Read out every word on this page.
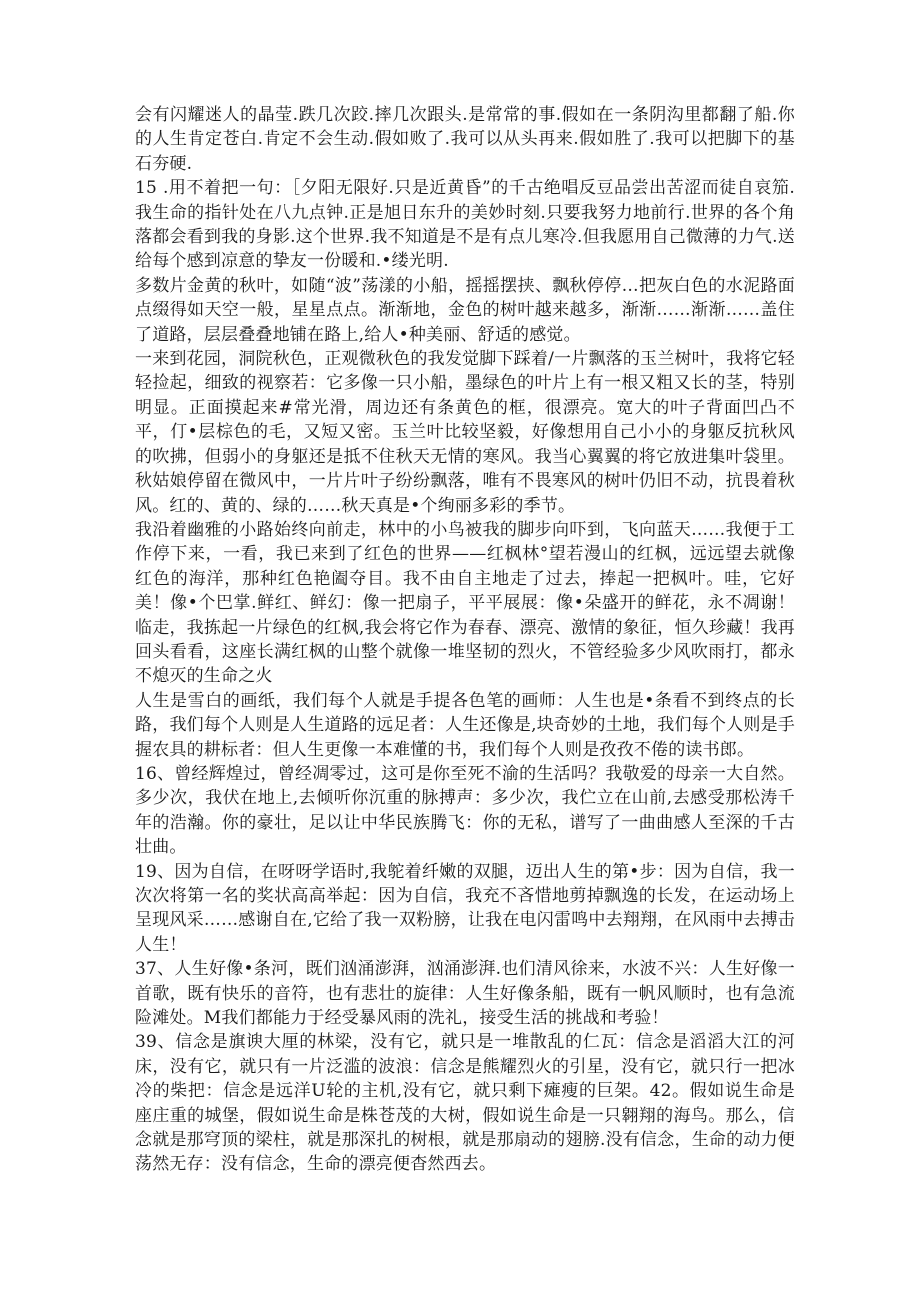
会有闪耀迷人的晶莹.跌几次跤.摔几次跟头.是常常的事.假如在一条阴沟里都翻了船.你的人生肯定苍白.肯定不会生动.假如败了.我可以从头再来.假如胜了.我可以把脚下的基石夯硬.

15 .用不着把一句：［夕阳无限好.只是近黄昏”的千古绝唱反豆品尝出苦涩而徒自哀笳.我生命的指针处在八九点钟.正是旭日东升的美妙时刻.只要我努力地前行.世界的各个角落都会看到我的身影.这个世界.我不知道是不是有点儿寒冷.但我愿用自己微薄的力气.送给每个感到凉意的挚友一份暖和.•缕光明.

多数片金黄的秋叶，如随“波”荡漾的小船，摇摇摆挟、飘秋停停…把灰白色的水泥路面点缀得如天空一般，星星点点。渐渐地，金色的树叶越来越多，渐渐……渐渐……盖住了道路，层层叠叠地铺在路上,给人•种美丽、舒适的感觉。

一来到花园，洞院秋色，正观微秋色的我发觉脚下踩着/一片飘落的玉兰树叶，我将它轻轻捡起，细致的视察若：它多像一只小船，墨绿色的叶片上有一根又粗又长的茎，特别明显。正面摸起来#常光滑，周边还有条黄色的框，很漂亮。宽大的叶子背面凹凸不平，仃•层棕色的毛，又短又密。玉兰叶比较坚毅，好像想用自己小小的身躯反抗秋风的吹拂，但弱小的身躯还是抵不住秋天无情的寒风。我当心翼翼的将它放进集叶袋里。秋姑娘停留在微风中，一片片叶子纷纷飘落，唯有不畏寒风的树叶仍旧不动，抗畏着秋风。红的、黄的、绿的……秋天真是•个绚丽多彩的季节。

我沿着幽雅的小路始终向前走，林中的小鸟被我的脚步向吓到，飞向蓝天……我便于工作停下来，一看，我已来到了红色的世界——红枫林°望若漫山的红枫，远远望去就像红色的海洋，那种红色艳阖夺目。我不由自主地走了过去，捧起一把枫叶。哇，它好美！像•个巴掌.鲜红、鲜幻：像一把扇子，平平展展：像•朵盛开的鲜花，永不凋谢！临走，我拣起一片绿色的红枫,我会将它作为春春、漂亮、激情的象征，恒久珍藏！我再回头看看，这座长满红枫的山整个就像一堆坚韧的烈火，不管经验多少风吹雨打，都永不熄灭的生命之火

人生是雪白的画纸，我们每个人就是手提各色笔的画师：人生也是•条看不到终点的长路，我们每个人则是人生道路的远足者：人生还像是,块奇妙的土地，我们每个人则是手握农具的耕标者：但人生更像一本难懂的书，我们每个人则是孜孜不倦的读书郎。

16、曾经辉煌过，曾经凋零过，这可是你至死不渝的生活吗？我敬爱的母亲一大自然。多少次，我伏在地上,去倾听你沉重的脉搏声：多少次，我伫立在山前,去感受那松涛千年的浩瀚。你的豪壮，足以让中华民族腾飞：你的无私，谱写了一曲曲感人至深的千古壮曲。

19、因为自信，在呀呀学语时,我鸵着纤嫩的双腿，迈出人生的第•步：因为自信，我一次次将第一名的奖状高高举起：因为自信，我充不吝惜地剪掉飘逸的长发，在运动场上呈现风采……感谢自在,它给了我一双粉膀，让我在电闪雷鸣中去翔翔，在风雨中去搏击人生！

37、人生好像•条河，既们汹涌澎湃，汹涌澎湃.也们清风徐来，水波不兴：人生好像一首歌，既有快乐的音符，也有悲壮的旋律：人生好像条船，既有一帆风顺时，也有急流险滩处。M我们都能力于经受暴风雨的洗礼，接受生活的挑战和考验！

39、信念是旗谀大厘的林梁，没有它，就只是一堆散乱的仁瓦：信念是滔滔大江的河床，没有它，就只有一片泛滥的波浪：信念是熊耀烈火的引星，没有它，就只行一把冰冷的柴把：信念是远洋U轮的主机,没有它，就只剩下瘫瘦的巨架。42。假如说生命是座庄重的城堡，假如说生命是株苍茂的大树，假如说生命是一只翱翔的海鸟。那么，信念就是那穹顶的梁柱，就是那深扎的树根，就是那扇动的翅膀.没有信念，生命的动力便荡然无存：没有信念，生命的漂亮便杳然西去。
